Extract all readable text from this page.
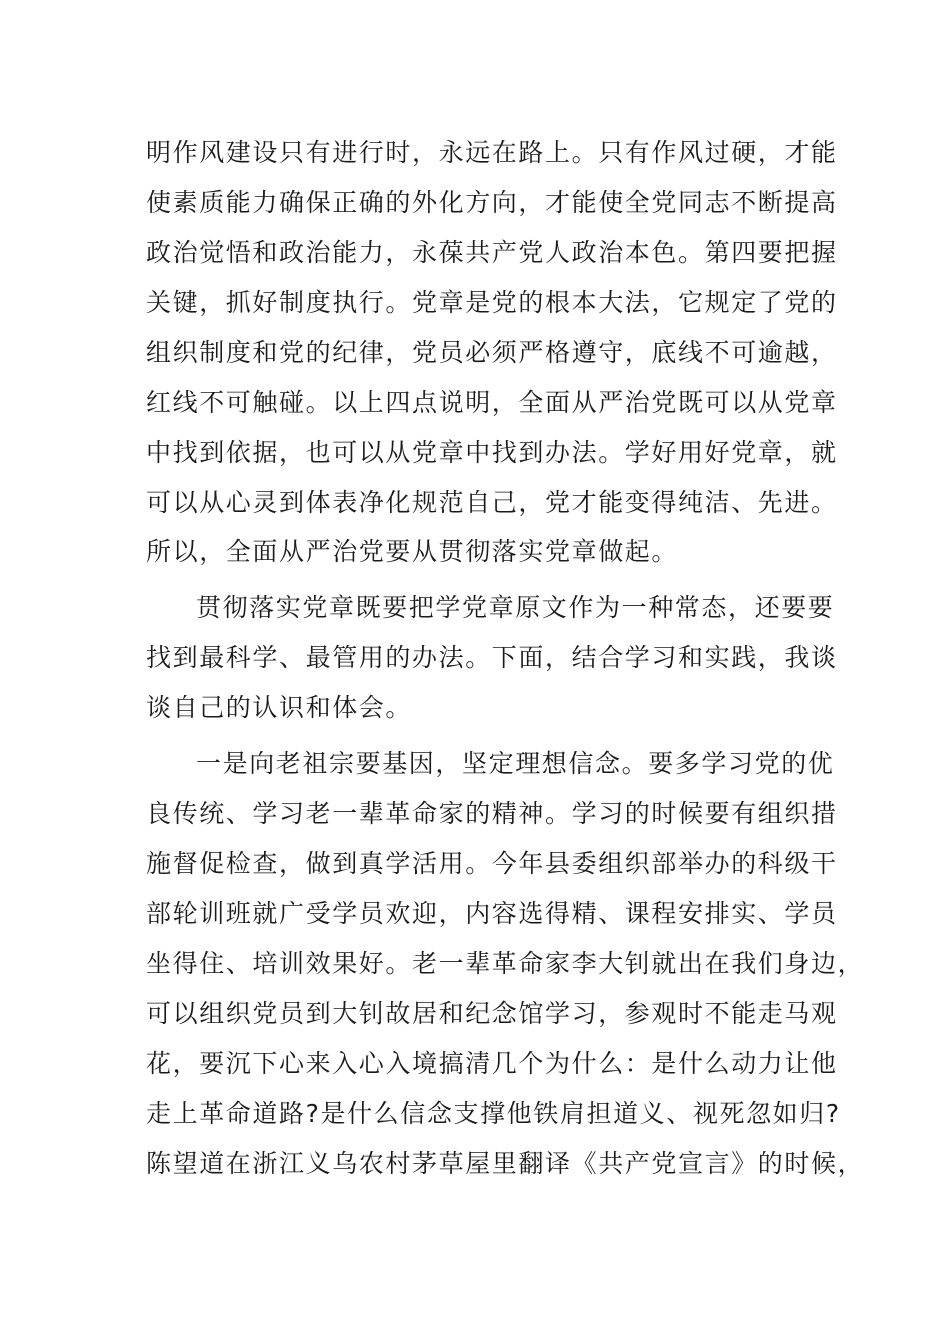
明作风建设只有进行时，永远在路上。只有作风过硬，才能
使素质能力确保正确的外化方向，才能使全党同志不断提高
政治觉悟和政治能力，永葆共产党人政治本色。第四要把握
关键，抓好制度执行。党章是党的根本大法，它规定了党的
组织制度和党的纪律，党员必须严格遵守，底线不可逾越，
红线不可触碰。以上四点说明，全面从严治党既可以从党章
中找到依据，也可以从党章中找到办法。学好用好党章，就
可以从心灵到体表净化规范自己，党才能变得纯洁、先进。
所以，全面从严治党要从贯彻落实党章做起。
贯彻落实党章既要把学党章原文作为一种常态，还要要
找到最科学、最管用的办法。下面，结合学习和实践，我谈
谈自己的认识和体会。
一是向老祖宗要基因，坚定理想信念。要多学习党的优
良传统、学习老一辈革命家的精神。学习的时候要有组织措
施督促检查，做到真学活用。今年县委组织部举办的科级干
部轮训班就广受学员欢迎，内容选得精、课程安排实、学员
坐得住、培训效果好。老一辈革命家李大钊就出在我们身边，
可以组织党员到大钊故居和纪念馆学习，参观时不能走马观
花，要沉下心来入心入境搞清几个为什么：是什么动力让他
走上革命道路?是什么信念支撑他铁肩担道义、视死忽如归?
陈望道在浙江义乌农村茅草屋里翻译《共产党宣言》的时候，
